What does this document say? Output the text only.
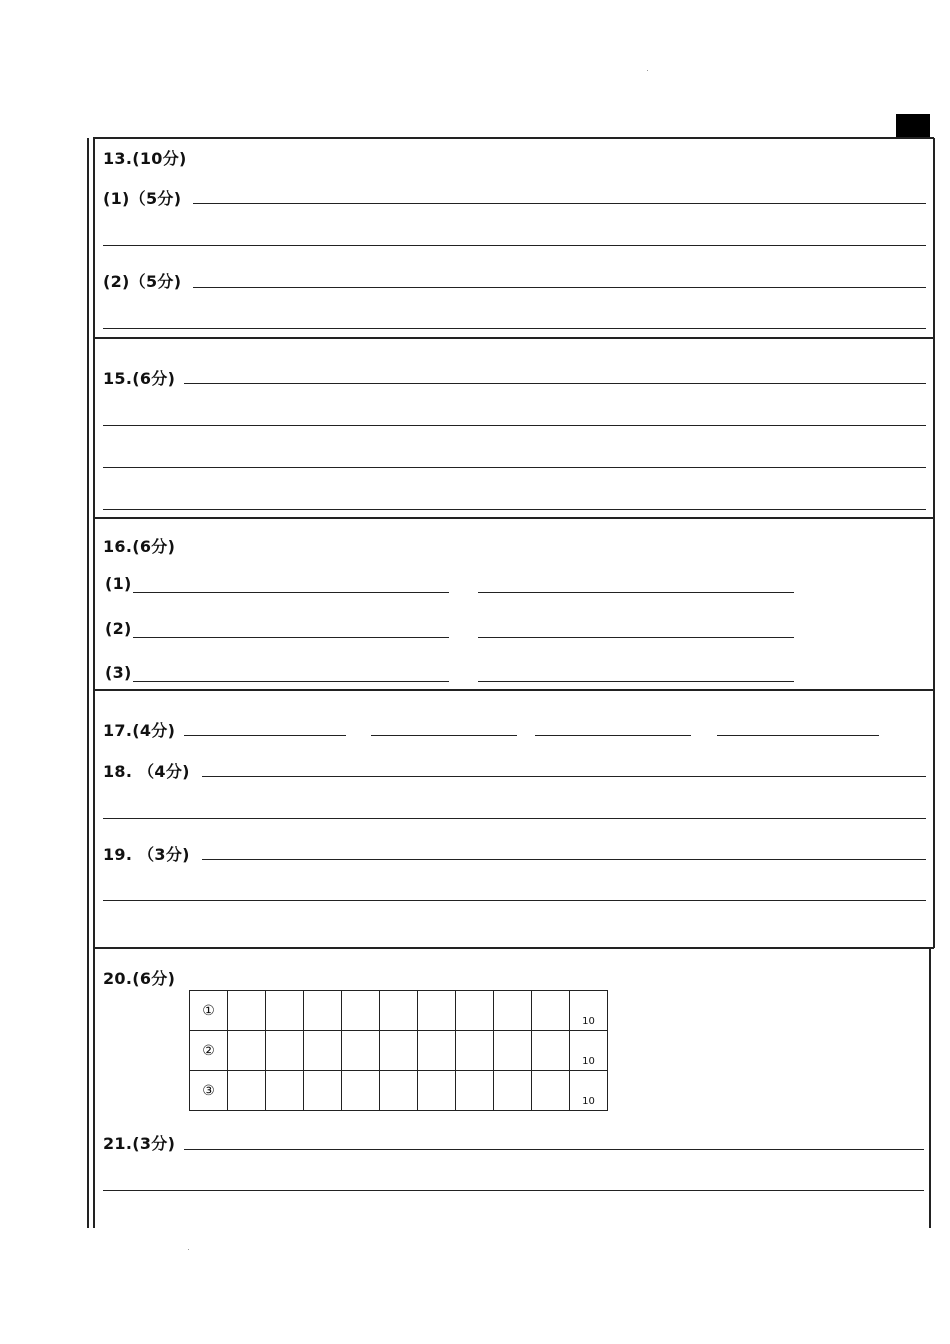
13.(10分)
(1)（5分)
(2)（5分)
15.(6分)
16.(6分)
(1)
(2)
(3)
17.(4分)
18. （4分)
19. （3分)
20.(6分)
①										10
②										10
③										10
21.(3分)
